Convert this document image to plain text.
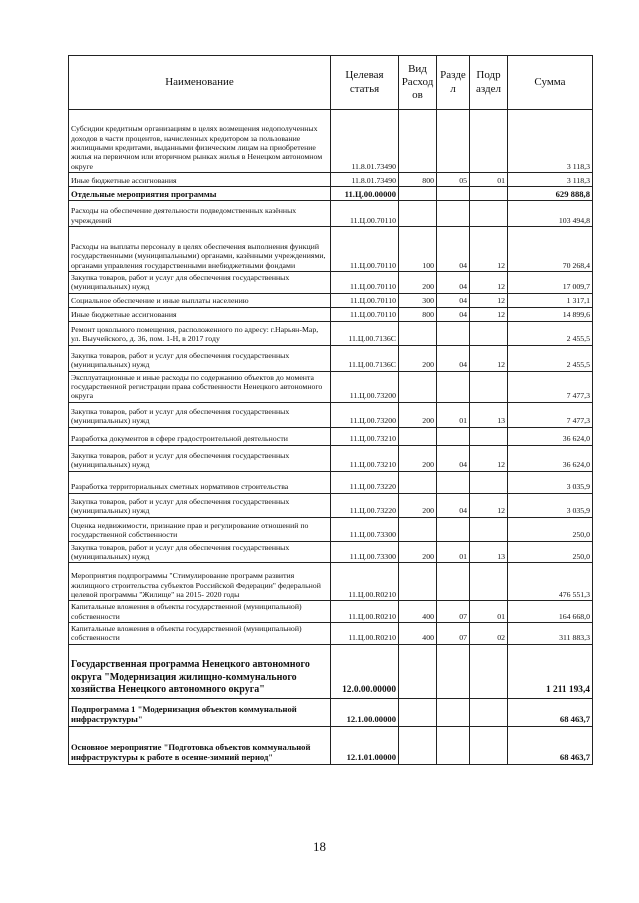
Наименование	Целевая статья	Вид Расход ов	Разде л	Подр аздел	Сумма
Субсидии кредитным организациям в целях возмещения недополученных доходов в части процентов, начисленных кредитором за пользование жилищными кредитами, выданными физическим лицам на приобретение жилья на первичном или вторичном рынках жилья в Ненецком автономном округе	11.8.01.73490				3 118,3
Иные бюджетные ассигнования	11.8.01.73490	800	05	01	3 118,3
Отдельные мероприятия программы	11.Ц.00.00000				629 888,8
Расходы на обеспечение деятельности подведомственных казённых учреждений	11.Ц.00.70110				103 494,8
Расходы на выплаты персоналу в целях обеспечения выполнения функций государственными (муниципальными) органами, казёнными учреждениями, органами управления государственными внебюджетными фондами	11.Ц.00.70110	100	04	12	70 268,4
Закупка товаров, работ и услуг для обеспечения государственных (муниципальных) нужд	11.Ц.00.70110	200	04	12	17 009,7
Социальное обеспечение и иные выплаты населению	11.Ц.00.70110	300	04	12	1 317,1
Иные бюджетные ассигнования	11.Ц.00.70110	800	04	12	14 899,6
Ремонт цокольного помещения, расположенного по адресу: г.Нарьян-Мар, ул. Выучейского, д. 36, пом. 1-Н, в 2017 году	11.Ц.00.7136С				2 455,5
Закупка товаров, работ и услуг для обеспечения государственных (муниципальных) нужд	11.Ц.00.7136С	200	04	12	2 455,5
Эксплуатационные и иные расходы по содержанию объектов до момента государственной регистрации права собственности Ненецкого автономного округа	11.Ц.00.73200				7 477,3
Закупка товаров, работ и услуг для обеспечения государственных (муниципальных) нужд	11.Ц.00.73200	200	01	13	7 477,3
Разработка документов в сфере градостроительной деятельности	11.Ц.00.73210				36 624,0
Закупка товаров, работ и услуг для обеспечения государственных (муниципальных) нужд	11.Ц.00.73210	200	04	12	36 624,0
Разработка территориальных сметных нормативов строительства	11.Ц.00.73220				3 035,9
Закупка товаров, работ и услуг для обеспечения государственных (муниципальных) нужд	11.Ц.00.73220	200	04	12	3 035,9
Оценка недвижимости, признание прав и регулирование отношений по государственной собственности	11.Ц.00.73300				250,0
Закупка товаров, работ и услуг для обеспечения государственных (муниципальных) нужд	11.Ц.00.73300	200	01	13	250,0
Мероприятия подпрограммы "Стимулирование программ развития жилищного строительства субъектов Российской Федерации" федеральной целевой программы "Жилище" на 2015- 2020 годы	11.Ц.00.R0210				476 551,3
Капитальные вложения в объекты государственной (муниципальной) собственности	11.Ц.00.R0210	400	07	01	164 668,0
Капитальные вложения в объекты государственной (муниципальной) собственности	11.Ц.00.R0210	400	07	02	311 883,3
Государственная программа Ненецкого автономного округа "Модернизация жилищно-коммунального хозяйства Ненецкого автономного округа"	12.0.00.00000				1 211 193,4
Подпрограмма 1 "Модернизация объектов коммунальной инфраструктуры"	12.1.00.00000				68 463,7
Основное мероприятие "Подготовка объектов коммунальной инфраструктуры к работе в осенне-зимний период"	12.1.01.00000				68 463,7
18
